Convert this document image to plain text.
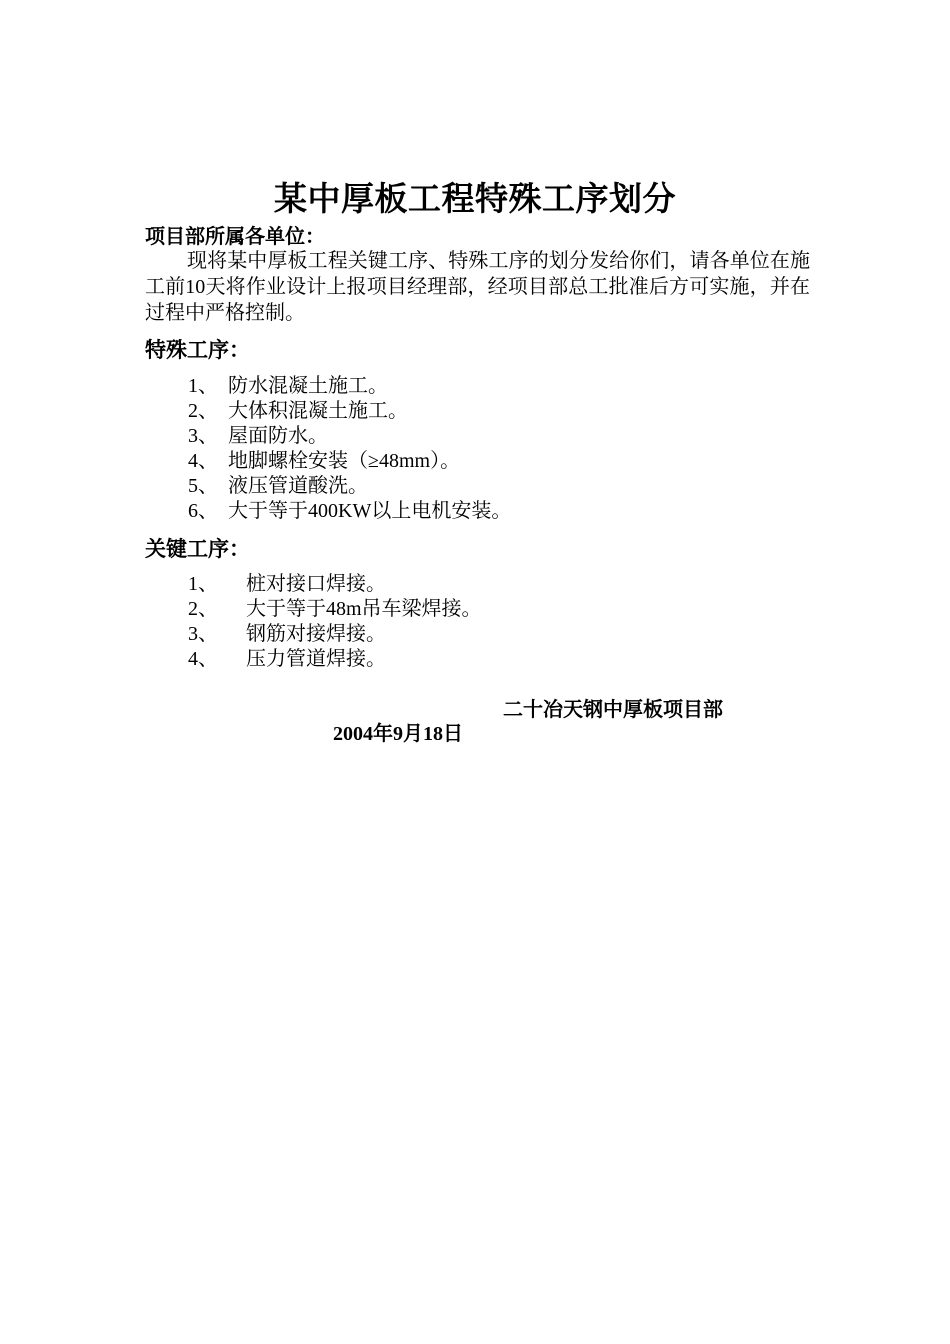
某中厚板工程特殊工序划分
项目部所属各单位：
现将某中厚板工程关键工序、特殊工序的划分发给你们，请各单位在施工前10天将作业设计上报项目经理部，经项目部总工批准后方可实施，并在过程中严格控制。
特殊工序：
1、 防水混凝土施工。
2、 大体积混凝土施工。
3、 屋面防水。
4、 地脚螺栓安装（≥48mm）。
5、 液压管道酸洗。
6、 大于等于400KW以上电机安装。
关键工序：
1、	桩对接口焊接。
2、	大于等于48m吊车梁焊接。
3、	钢筋对接焊接。
4、	压力管道焊接。
二十冶天钢中厚板项目部
2004年9月18日
